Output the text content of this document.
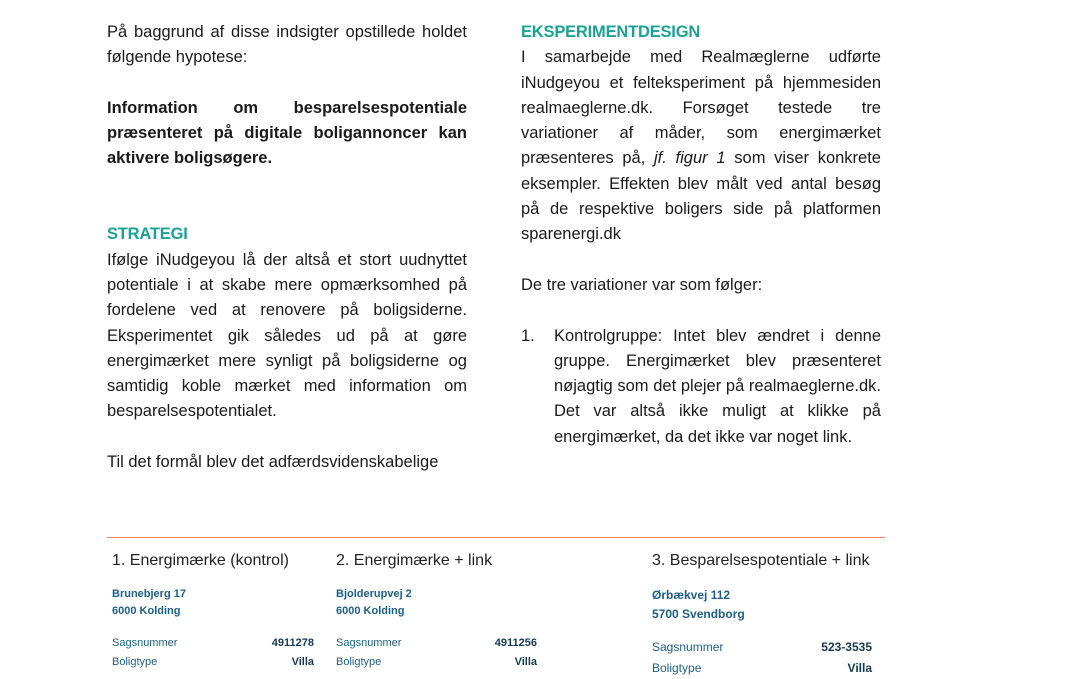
På baggrund af disse indsigter opstillede holdet følgende hypotese:

Information om besparelsespotentiale præsenteret på digitale boligannoncer kan aktivere boligsøgere.

STRATEGI

Ifølge iNudgeyou lå der altså et stort uudnyttet potentiale i at skabe mere opmærksomhed på fordelene ved at renovere på boligsiderne. Eksperimentet gik således ud på at gøre energimærket mere synligt på boligsiderne og samtidig koble mærket med information om besparelsespotentialet.

Til det formål blev det adfærdsvidenskabelige

EKSPERIMENTDESIGN

I samarbejde med Realmæglerne udførte iNudgeyou et felteksperiment på hjemmesiden realmaeglerne.dk. Forsøget testede tre variationer af måder, som energimærket præsenteres på, jf. figur 1 som viser konkrete eksempler. Effekten blev målt ved antal besøg på de respektive boligers side på platformen sparenergi.dk

De tre variationer var som følger:

1. Kontrolgruppe: Intet blev ændret i denne gruppe. Energimærket blev præsenteret nøjagtig som det plejer på realmaeglerne.dk. Det var altså ikke muligt at klikke på energimærket, da det ikke var noget link.
1. Energimærke (kontrol)
Brunebjerg 17
6000 Kolding
Sagsnummer	4911278
Boligtype	Villa
2. Energimærke + link
Bjolderupvej 2
6000 Kolding
Sagsnummer	4911256
Boligtype	Villa
3. Besparelsespotentiale + link
Ørbækvej 112
5700 Svendborg
Sagsnummer	523-3535
Boligtype	Villa
